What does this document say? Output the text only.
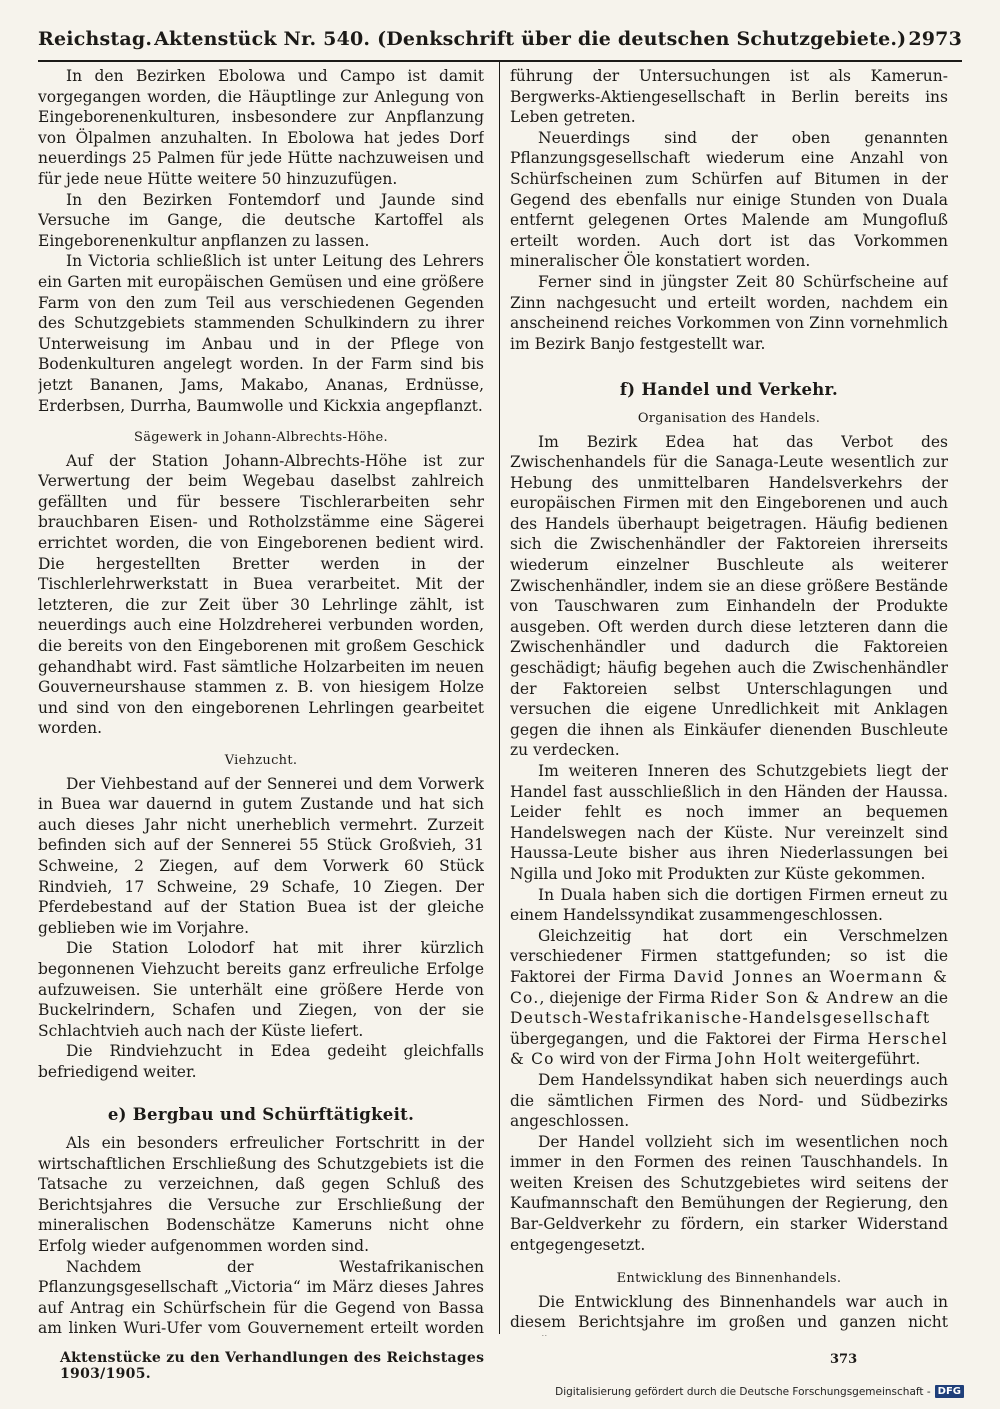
Reichstag. Aktenstück Nr. 540. (Denkschrift über die deutschen Schutzgebiete.) 2973

In den Bezirken Ebolowa und Campo ist damit vorgegangen worden, die Häuptlinge zur Anlegung von Eingeborenenkulturen, insbesondere zur Anpflanzung von Ölpalmen anzuhalten. In Ebolowa hat jedes Dorf neuerdings 25 Palmen für jede Hütte nachzuweisen und für jede neue Hütte weitere 50 hinzuzufügen.

In den Bezirken Fontemdorf und Jaunde sind Versuche im Gange, die deutsche Kartoffel als Eingeborenenkultur anpflanzen zu lassen.

In Victoria schließlich ist unter Leitung des Lehrers ein Garten mit europäischen Gemüsen und eine größere Farm von den zum Teil aus verschiedenen Gegenden des Schutzgebiets stammenden Schulkindern zu ihrer Unterweisung im Anbau und in der Pflege von Bodenkulturen angelegt worden. In der Farm sind bis jetzt Bananen, Jams, Makabo, Ananas, Erdnüsse, Erderbsen, Durrha, Baumwolle und Kickxia angepflanzt.

Sägewerk in Johann-Albrechts-Höhe.

Auf der Station Johann-Albrechts-Höhe ist zur Verwertung der beim Wegebau daselbst zahlreich gefällten und für bessere Tischlerarbeiten sehr brauchbaren Eisen- und Rotholzstämme eine Sägerei errichtet worden, die von Eingeborenen bedient wird. Die hergestellten Bretter werden in der Tischlerlehrwerkstatt in Buea verarbeitet. Mit der letzteren, die zur Zeit über 30 Lehrlinge zählt, ist neuerdings auch eine Holzdreherei verbunden worden, die bereits von den Eingeborenen mit großem Geschick gehandhabt wird. Fast sämtliche Holzarbeiten im neuen Gouverneurshause stammen z. B. von hiesigem Holze und sind von den eingeborenen Lehrlingen gearbeitet worden.

Viehzucht.

Der Viehbestand auf der Sennerei und dem Vorwerk in Buea war dauernd in gutem Zustande und hat sich auch dieses Jahr nicht unerheblich vermehrt. Zurzeit befinden sich auf der Sennerei 55 Stück Großvieh, 31 Schweine, 2 Ziegen, auf dem Vorwerk 60 Stück Rindvieh, 17 Schweine, 29 Schafe, 10 Ziegen. Der Pferdebestand auf der Station Buea ist der gleiche geblieben wie im Vorjahre.

Die Station Lolodorf hat mit ihrer kürzlich begonnenen Viehzucht bereits ganz erfreuliche Erfolge aufzuweisen. Sie unterhält eine größere Herde von Buckelrindern, Schafen und Ziegen, von der sie Schlachtvieh auch nach der Küste liefert.

Die Rindviehzucht in Edea gedeiht gleichfalls befriedigend weiter.

e) Bergbau und Schürftätigkeit.

Als ein besonders erfreulicher Fortschritt in der wirtschaftlichen Erschließung des Schutzgebiets ist die Tatsache zu verzeichnen, daß gegen Schluß des Berichtsjahres die Versuche zur Erschließung der mineralischen Bodenschätze Kameruns nicht ohne Erfolg wieder aufgenommen worden sind.

Nachdem der Westafrikanischen Pflanzungsgesellschaft „Victoria“ im März dieses Jahres auf Antrag ein Schürfschein für die Gegend von Bassa am linken Wuri-Ufer vom Gouvernement erteilt worden

führung der Untersuchungen ist als Kamerun-Bergwerks-Aktiengesellschaft in Berlin bereits ins Leben getreten.

Neuerdings sind der oben genannten Pflanzungsgesellschaft wiederum eine Anzahl von Schürfscheinen zum Schürfen auf Bitumen in der Gegend des ebenfalls nur einige Stunden von Duala entfernt gelegenen Ortes Malende am Mungofluß erteilt worden. Auch dort ist das Vorkommen mineralischer Öle konstatiert worden.

Ferner sind in jüngster Zeit 80 Schürfscheine auf Zinn nachgesucht und erteilt worden, nachdem ein anscheinend reiches Vorkommen von Zinn vornehmlich im Bezirk Banjo festgestellt war.

f) Handel und Verkehr.
Organisation des Handels.

Im Bezirk Edea hat das Verbot des Zwischenhandels für die Sanaga-Leute wesentlich zur Hebung des unmittelbaren Handelsverkehrs der europäischen Firmen mit den Eingeborenen und auch des Handels überhaupt beigetragen. Häufig bedienen sich die Zwischenhändler der Faktoreien ihrerseits wiederum einzelner Buschleute als weiterer Zwischenhändler, indem sie an diese größere Bestände von Tauschwaren zum Einhandeln der Produkte ausgeben. Oft werden durch diese letzteren dann die Zwischenhändler und dadurch die Faktoreien geschädigt; häufig begehen auch die Zwischenhändler der Faktoreien selbst Unterschlagungen und versuchen die eigene Unredlichkeit mit Anklagen gegen die ihnen als Einkäufer dienenden Buschleute zu verdecken.

Im weiteren Inneren des Schutzgebiets liegt der Handel fast ausschließlich in den Händen der Haussa. Leider fehlt es noch immer an bequemen Handelswegen nach der Küste. Nur vereinzelt sind Haussa-Leute bisher aus ihren Niederlassungen bei Ngilla und Joko mit Produkten zur Küste gekommen.

In Duala haben sich die dortigen Firmen erneut zu einem Handelssyndikat zusammengeschlossen.

Gleichzeitig hat dort ein Verschmelzen verschiedener Firmen stattgefunden; so ist die Faktorei der Firma David Jonnes an Woermann & Co., diejenige der Firma Rider Son & Andrew an die Deutsch-Westafrikanische-Handelsgesellschaft übergegangen, und die Faktorei der Firma Herschel & Co wird von der Firma John Holt weitergeführt.

Dem Handelssyndikat haben sich neuerdings auch die sämtlichen Firmen des Nord- und Südbezirks angeschlossen.

Der Handel vollzieht sich im wesentlichen noch immer in den Formen des reinen Tauschhandels. In weiten Kreisen des Schutzgebietes wird seitens der Kaufmannschaft den Bemühungen der Regierung, den Bar-Geldverkehr zu fördern, ein starker Widerstand entgegengesetzt.

Entwicklung des Binnenhandels.

Die Entwicklung des Binnenhandels war auch in diesem Berichtsjahre im großen und ganzen nicht

Aktenstücke zu den Verhandlungen des Reichstages 1903/1905.
373
Digitalisierung gefördert durch die Deutsche Forschungsgemeinschaft - DFG
